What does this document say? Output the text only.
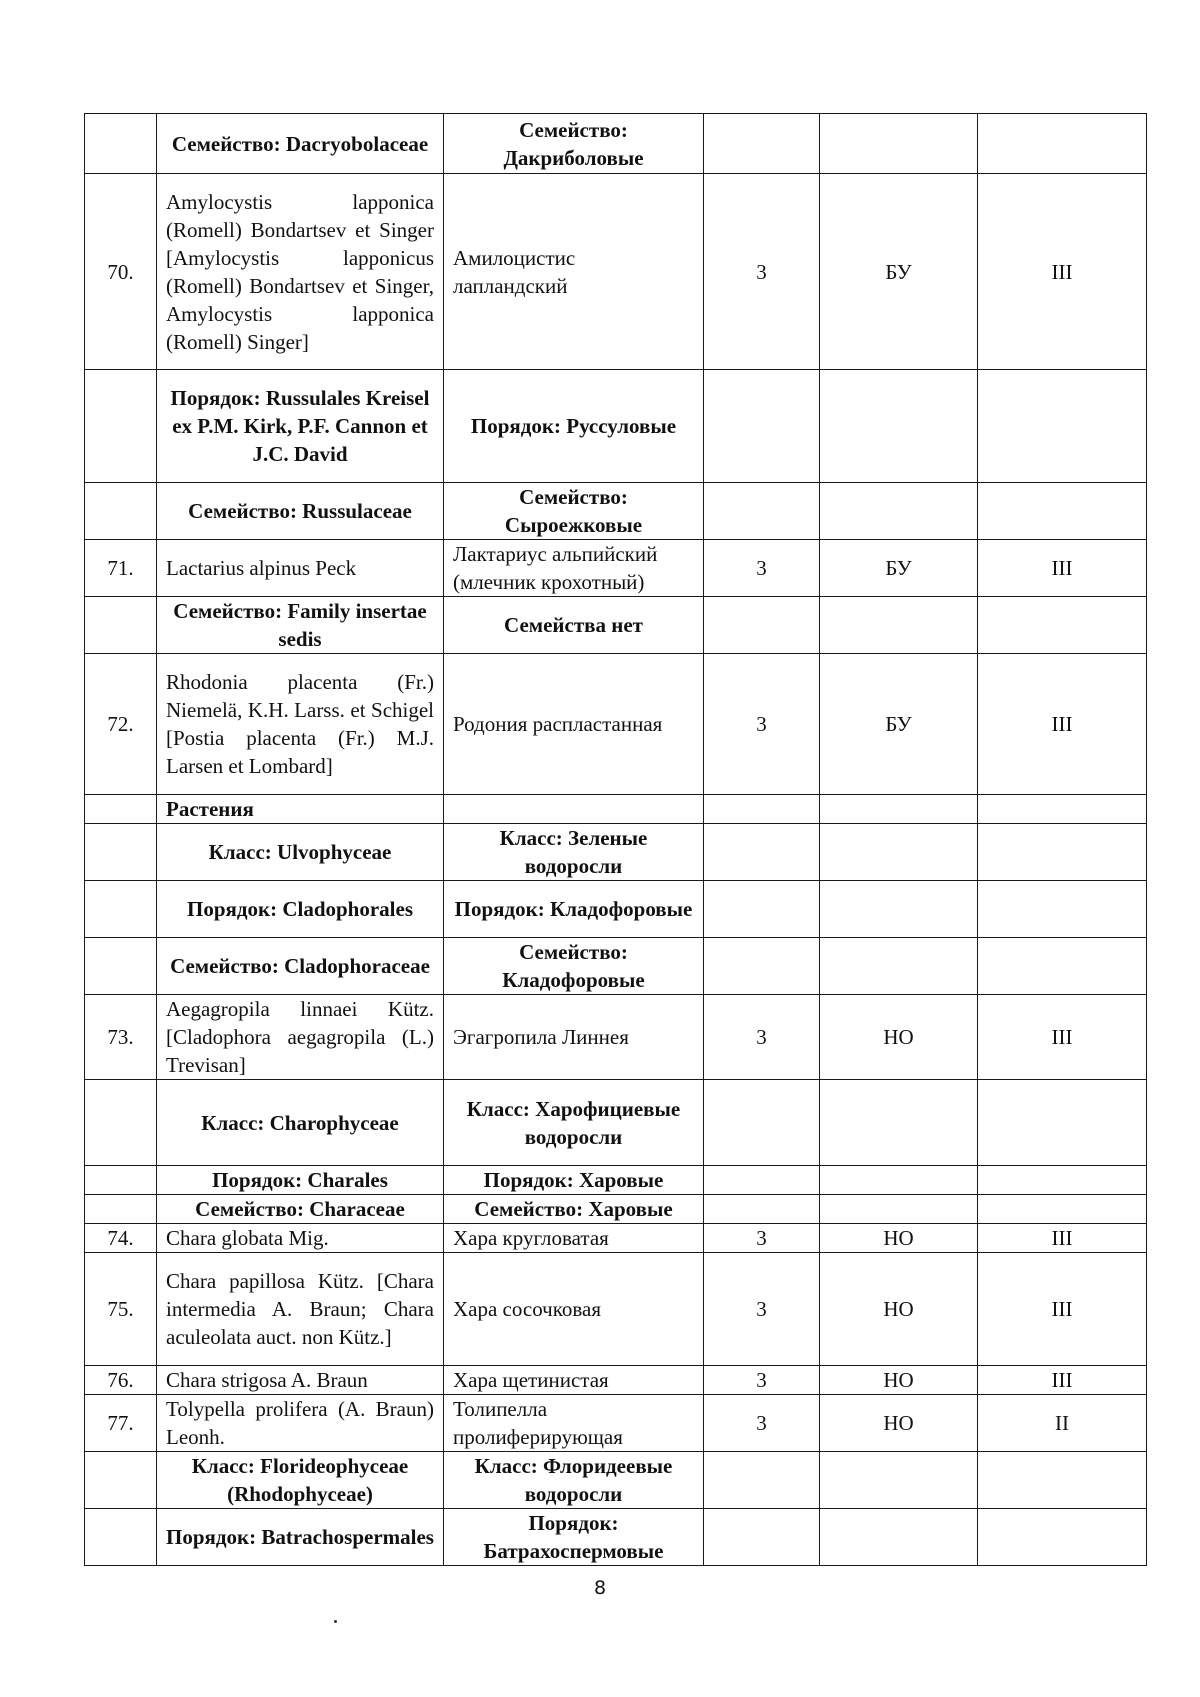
	Семейство: Dacryobolaceae	Семейство: Дакриболовые			
70.	Amylocystis lapponica (Romell) Bondartsev et Singer [Amylocystis lapponicus (Romell) Bondartsev et Singer, Amylocystis lapponica (Romell) Singer]	Амилоцистис лапландский	3	БУ	III
	Порядок: Russulales Kreisel ex P.M. Kirk, P.F. Cannon et J.C. David	Порядок: Руссуловые			
	Семейство: Russulaceae	Семейство: Сыроежковые			
71.	Lactarius alpinus Peck	Лактариус альпийский (млечник крохотный)	3	БУ	III
	Семейство: Family insertae sedis	Семейства нет			
72.	Rhodonia placenta (Fr.) Niemelä, K.H. Larss. et Schigel [Postia placenta (Fr.) M.J. Larsen et Lombard]	Родония распластанная	3	БУ	III
	Растения				
	Класс: Ulvophyceae	Класс: Зеленые водоросли			
	Порядок: Cladophorales	Порядок: Кладофоровые			
	Семейство: Cladophoraceae	Семейство: Кладофоровые			
73.	Aegagropila linnaei Kütz. [Cladophora aegagropila (L.) Trevisan]	Эгагропила Линнея	3	НО	III
	Класс: Charophyceae	Класс: Харофициевые водоросли			
	Порядок: Charales	Порядок: Харовые			
	Семейство: Characeae	Семейство: Харовые			
74.	Chara globata Mig.	Хара кругловатая	3	НО	III
75.	Chara papillosa Kütz. [Chara intermedia A. Braun; Chara aculeolata auct. non Kütz.]	Хара сосочковая	3	НО	III
76.	Chara strigosa A. Braun	Хара щетинистая	3	НО	III
77.	Tolypella prolifera (A. Braun) Leonh.	Толипелла пролиферирующая	3	НО	II
	Класс: Florideophyceae (Rhodophyceae)	Класс: Флоридеевые водоросли			
	Порядок: Batrachospermales	Порядок: Батрахоспермовые			
8
